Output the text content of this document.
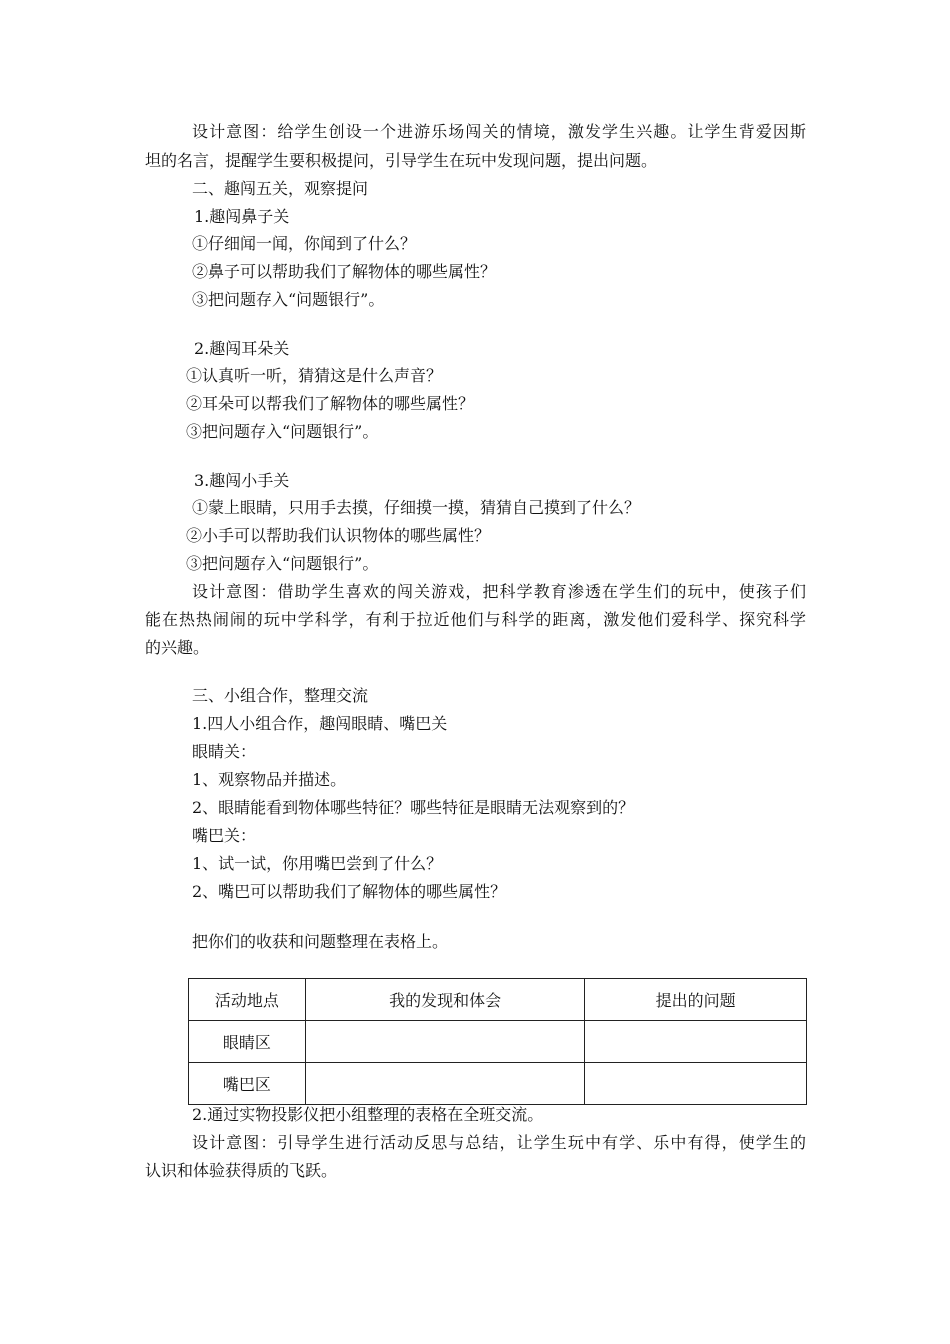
设计意图：给学生创设一个进游乐场闯关的情境，激发学生兴趣。让学生背爱因斯
坦的名言，提醒学生要积极提问，引导学生在玩中发现问题，提出问题。
二、趣闯五关，观察提问
1.趣闯鼻子关
①仔细闻一闻，你闻到了什么？
②鼻子可以帮助我们了解物体的哪些属性？
③把问题存入“问题银行”。
2.趣闯耳朵关
①认真听一听，猜猜这是什么声音？
②耳朵可以帮我们了解物体的哪些属性？
③把问题存入“问题银行”。
3.趣闯小手关
①蒙上眼睛，只用手去摸，仔细摸一摸，猜猜自己摸到了什么？
②小手可以帮助我们认识物体的哪些属性？
③把问题存入“问题银行”。
设计意图：借助学生喜欢的闯关游戏，把科学教育渗透在学生们的玩中，使孩子们
能在热热闹闹的玩中学科学，有利于拉近他们与科学的距离，激发他们爱科学、探究科学
的兴趣。
三、小组合作，整理交流
1.四人小组合作，趣闯眼睛、嘴巴关
眼睛关：
1、观察物品并描述。
2、眼睛能看到物体哪些特征？哪些特征是眼睛无法观察到的？
嘴巴关：
1、试一试，你用嘴巴尝到了什么？
2、嘴巴可以帮助我们了解物体的哪些属性？
把你们的收获和问题整理在表格上。
活动地点	我的发现和体会	提出的问题
眼睛区		
嘴巴区		
2.通过实物投影仪把小组整理的表格在全班交流。
设计意图：引导学生进行活动反思与总结，让学生玩中有学、乐中有得，使学生的
认识和体验获得质的飞跃。
